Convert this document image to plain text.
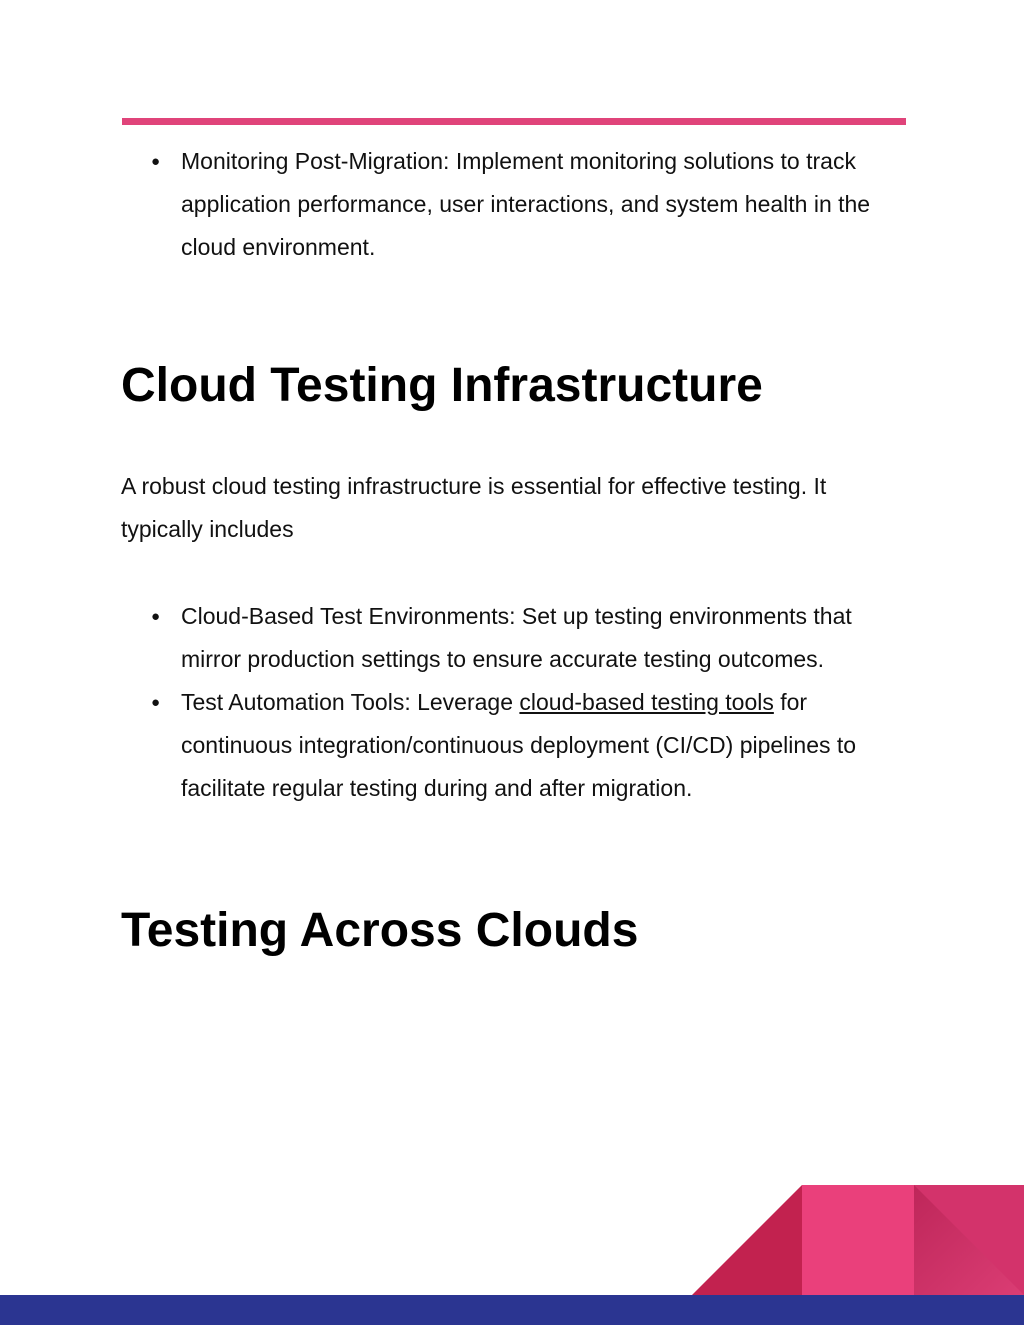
● Monitoring Post-Migration: Implement monitoring solutions to track application performance, user interactions, and system health in the cloud environment.
Cloud Testing Infrastructure

A robust cloud testing infrastructure is essential for effective testing. It typically includes

● Cloud-Based Test Environments: Set up testing environments that mirror production settings to ensure accurate testing outcomes.
● Test Automation Tools: Leverage cloud-based testing tools for continuous integration/continuous deployment (CI/CD) pipelines to facilitate regular testing during and after migration.
Testing Across Clouds
